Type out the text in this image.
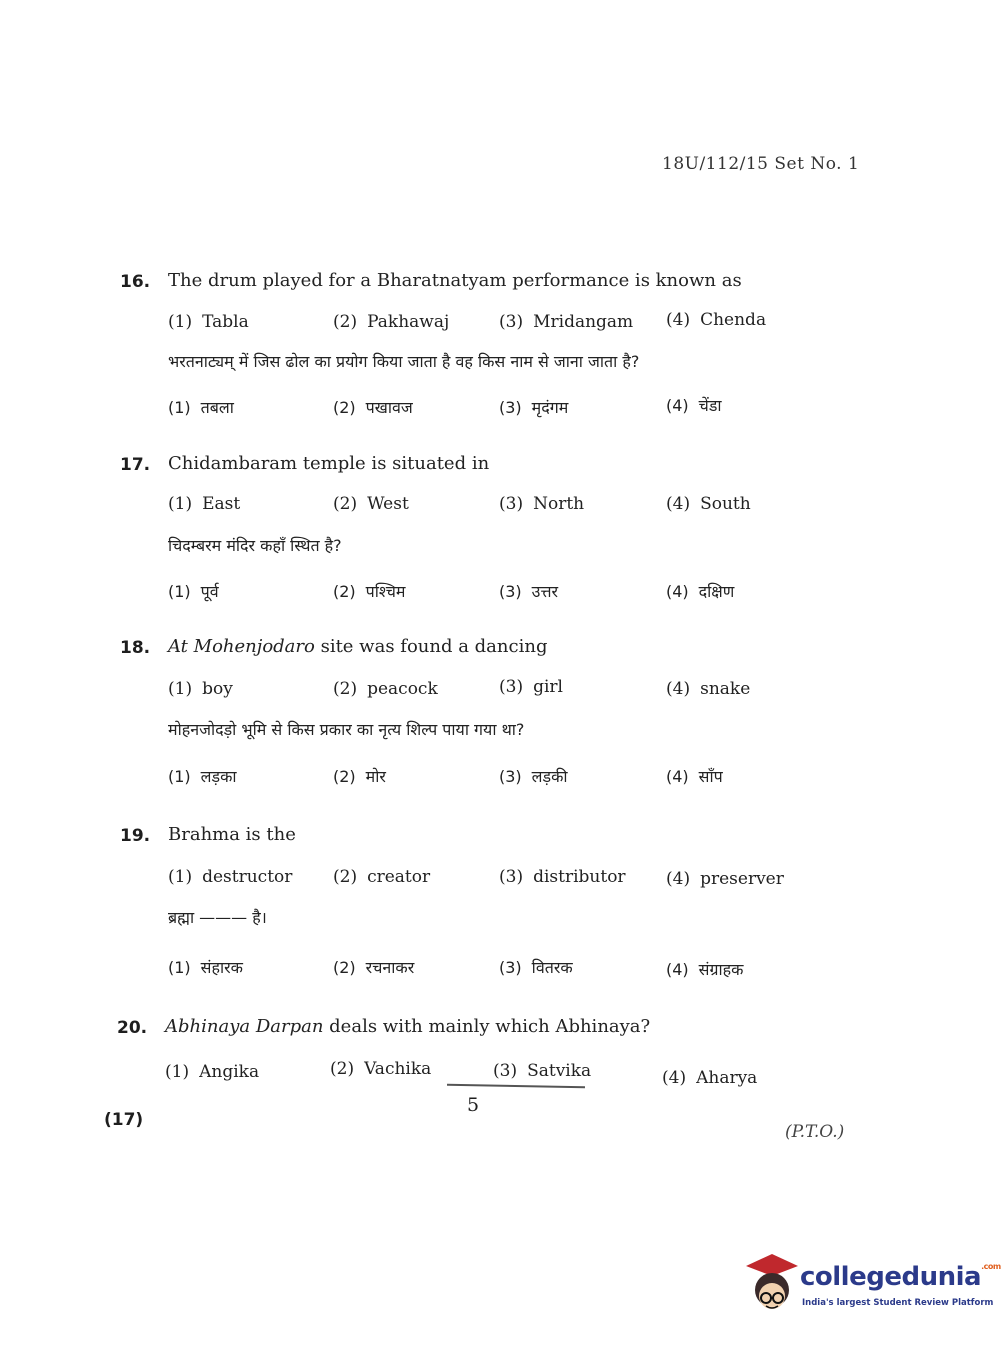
18U/112/15 Set No. 1
16. The drum played for a Bharatnatyam performance is known as
(1) Tabla	(2) Pakhawaj	(3) Mridangam (4) Chenda
भरतनाट्यम् में जिस ढोल का प्रयोग किया जाता है वह किस नाम से जाना जाता है?
(1) तबला	(2) पखावज	(3) मृदंगम	(4) चेंडा
17. Chidambaram temple is situated in
(1) East	(2) West	(3) North	(4) South
चिदम्बरम मंदिर कहाँ स्थित है?
(1) पूर्व	(2) पश्चिम	(3) उत्तर	(4) दक्षिण
18. At Mohenjodaro site was found a dancing
(1) boy	(2) peacock	(3) girl	(4) snake
मोहनजोदड़ो भूमि से किस प्रकार का नृत्य शिल्प पाया गया था?
(1) लड़का	(2) मोर	(3) लड़की	(4) साँप
19. Brahma is the
(1) destructor (2) creator	(3) distributor (4) preserver
ब्रह्मा ——— है।
(1) संहारक	(2) रचनाकर	(3) वितरक	(4) संग्राहक
20. Abhinaya Darpan deals with mainly which Abhinaya?
(1) Angika	(2) Vachika	(3) Satvika	(4) Aharya
5
(17)
(P.T.O.)
collegedunia$^{.com}$
India's largest Student Review Platform
